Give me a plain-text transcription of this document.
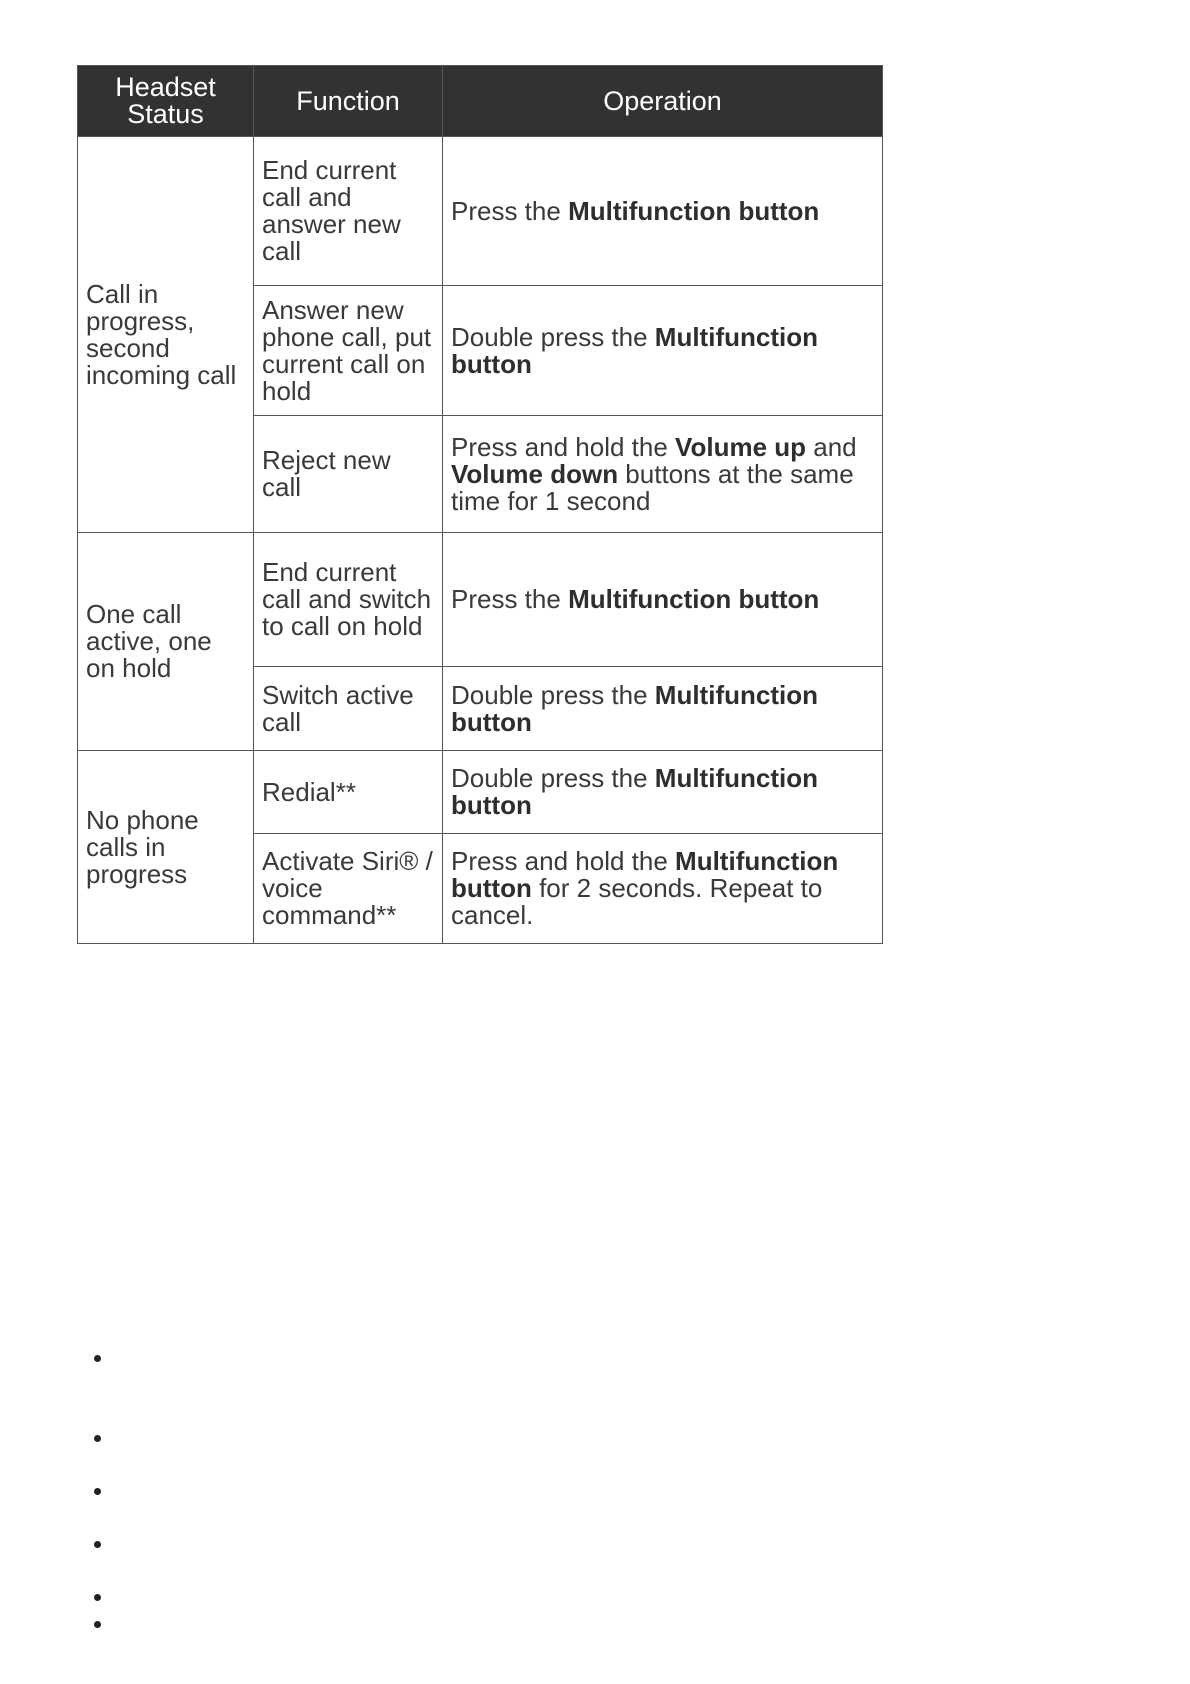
Headset Status	Function	Operation
Call in progress, second incoming call	End current call and answer new call	Press the Multifunction button
	Answer new phone call, put current call on hold	Double press the Multifunction button
	Reject new call	Press and hold the Volume up and Volume down buttons at the same time for 1 second
One call active, one on hold	End current call and switch to call on hold	Press the Multifunction button
	Switch active call	Double press the Multifunction button
No phone calls in progress	Redial**	Double press the Multifunction button
	Activate Siri® / voice command**	Press and hold the Multifunction button for 2 seconds. Repeat to cancel.
